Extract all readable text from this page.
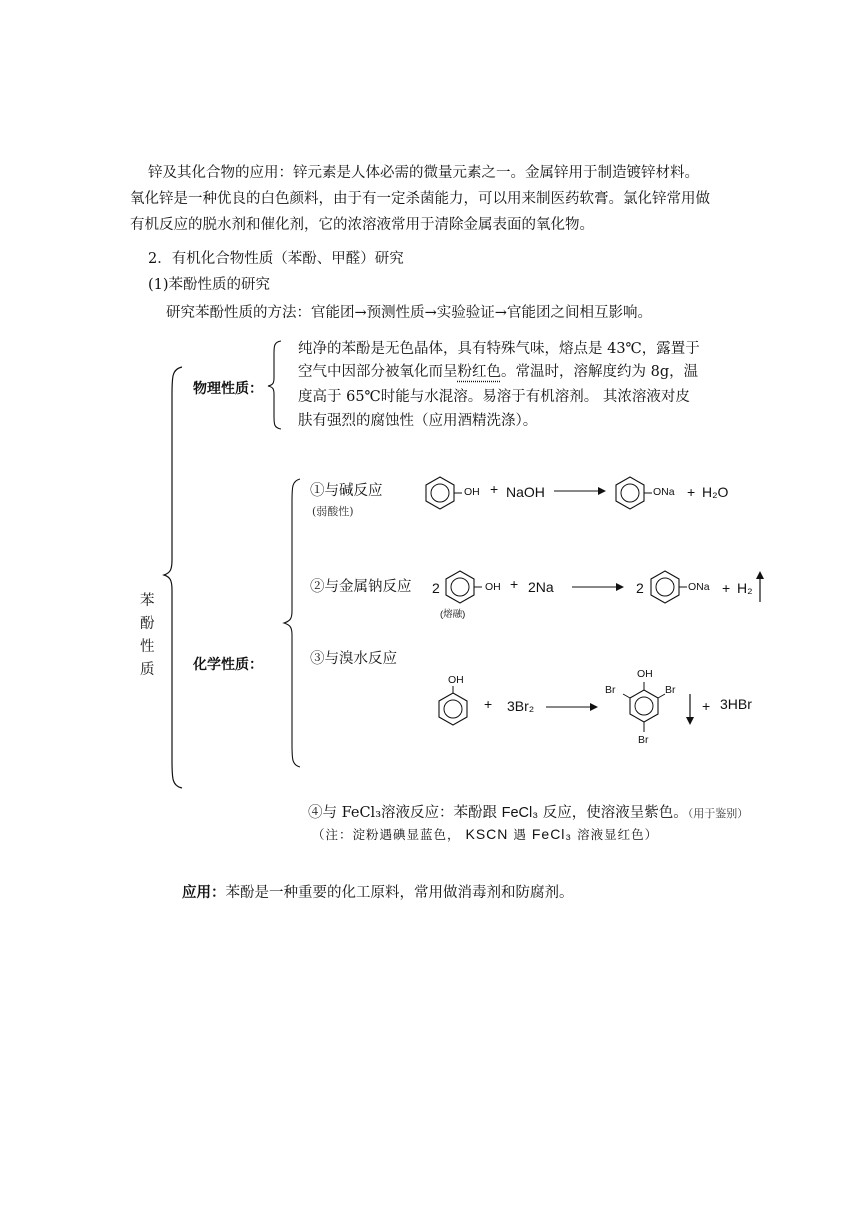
锌及其化合物的应用：锌元素是人体必需的微量元素之一。金属锌用于制造镀锌材料。
氧化锌是一种优良的白色颜料，由于有一定杀菌能力，可以用来制医药软膏。氯化锌常用做
有机反应的脱水剂和催化剂，它的浓溶液常用于清除金属表面的氧化物。
2．有机化合物性质（苯酚、甲醛）研究
(1)苯酚性质的研究
研究苯酚性质的方法：官能团→预测性质→实验验证→官能团之间相互影响。
苯
酚
性
质
物理性质：
纯净的苯酚是无色晶体，具有特殊气味，熔点是 43℃，露置于
空气中因部分被氧化而呈粉红色。常温时，溶解度约为 8g，温
度高于 65℃时能与水混溶。易溶于有机溶剂。 其浓溶液对皮
肤有强烈的腐蚀性（应用酒精洗涤）。
化学性质：
①与碱反应
(弱酸性)
OH + NaOH	ONa + H₂O
②与金属钠反应 2	OH
(熔融)
+ 2Na	2	ONa + H₂
③与溴水反应
OH
+ 3Br₂
OH
Br	Br
Br
+ 3HBr
④与 FeCl₃溶液反应：苯酚跟 FeCl₃ 反应，使溶液呈紫色。（用于鉴别）
（注：淀粉遇碘显蓝色， KSCN 遇 FeCl₃ 溶液显红色）
应用：苯酚是一种重要的化工原料，常用做消毒剂和防腐剂。
